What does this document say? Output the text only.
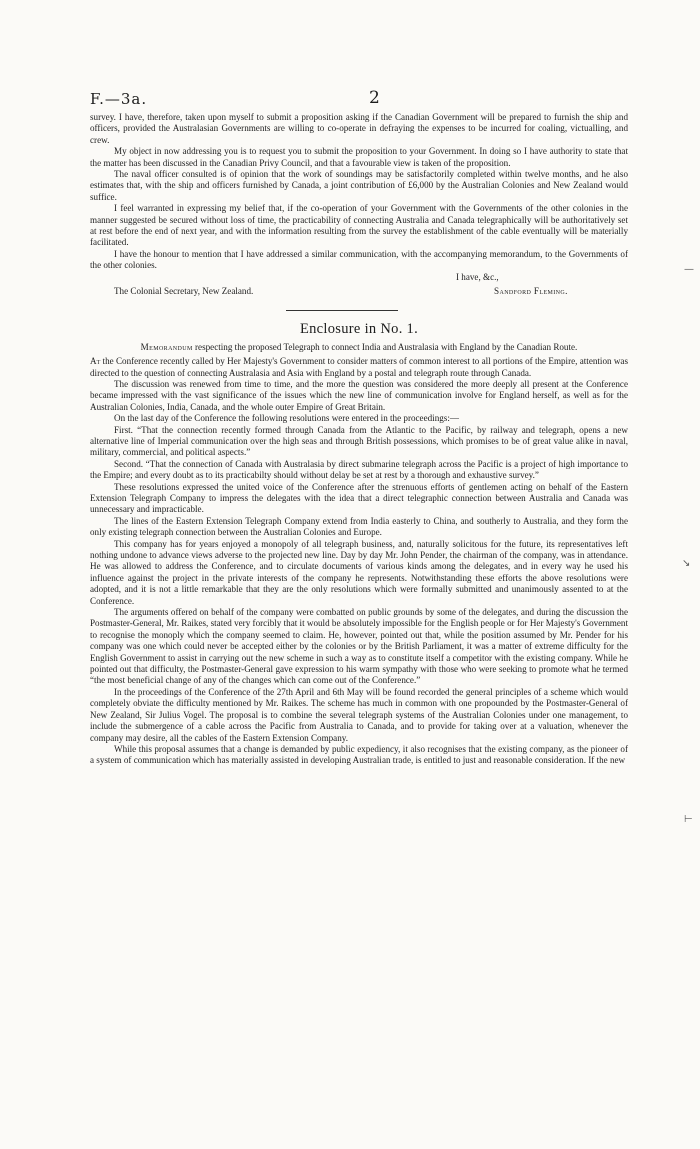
—
↘
⊢
F.—3a.	2

survey. I have, therefore, taken upon myself to submit a proposition asking if the Canadian Government will be prepared to furnish the ship and officers, provided the Australasian Governments are willing to co-operate in defraying the expenses to be incurred for coaling, victualling, and crew.

My object in now addressing you is to request you to submit the proposition to your Government. In doing so I have authority to state that the matter has been discussed in the Canadian Privy Council, and that a favourable view is taken of the proposition.

The naval officer consulted is of opinion that the work of soundings may be satisfactorily completed within twelve months, and he also estimates that, with the ship and officers furnished by Canada, a joint contribution of £6,000 by the Australian Colonies and New Zealand would suffice.

I feel warranted in expressing my belief that, if the co-operation of your Government with the Governments of the other colonies in the manner suggested be secured without loss of time, the practicability of connecting Australia and Canada telegraphically will be authoritatively set at rest before the end of next year, and with the information resulting from the survey the establishment of the cable eventually will be materially facilitated.

I have the honour to mention that I have addressed a similar communication, with the accompanying memorandum, to the Governments of the other colonies.

I have, &c.,
The Colonial Secretary, New Zealand.	Sandford Fleming.
Enclosure in No. 1.
Memorandum respecting the proposed Telegraph to connect India and Australasia with England by the Canadian Route.

At the Conference recently called by Her Majesty's Government to consider matters of common interest to all portions of the Empire, attention was directed to the question of connecting Australasia and Asia with England by a postal and telegraph route through Canada.

The discussion was renewed from time to time, and the more the question was considered the more deeply all present at the Conference became impressed with the vast significance of the issues which the new line of communication involve for England herself, as well as for the Australian Colonies, India, Canada, and the whole outer Empire of Great Britain.

On the last day of the Conference the following resolutions were entered in the proceedings:—

First. “That the connection recently formed through Canada from the Atlantic to the Pacific, by railway and telegraph, opens a new alternative line of Imperial communication over the high seas and through British possessions, which promises to be of great value alike in naval, military, commercial, and political aspects.”

Second. “That the connection of Canada with Australasia by direct submarine telegraph across the Pacific is a project of high importance to the Empire; and every doubt as to its practicabilty should without delay be set at rest by a thorough and exhaustive survey.”

These resolutions expressed the united voice of the Conference after the strenuous efforts of gentlemen acting on behalf of the Eastern Extension Telegraph Company to impress the delegates with the idea that a direct telegraphic connection between Australia and Canada was unnecessary and impracticable.

The lines of the Eastern Extension Telegraph Company extend from India easterly to China, and southerly to Australia, and they form the only existing telegraph connection between the Australian Colonies and Europe.

This company has for years enjoyed a monopoly of all telegraph business, and, naturally solicitous for the future, its representatives left nothing undone to advance views adverse to the projected new line. Day by day Mr. John Pender, the chairman of the company, was in attendance. He was allowed to address the Conference, and to circulate documents of various kinds among the delegates, and in every way he used his influence against the project in the private interests of the company he represents. Notwithstanding these efforts the above resolutions were adopted, and it is not a little remarkable that they are the only resolutions which were formally submitted and unanimously assented to at the Conference.

The arguments offered on behalf of the company were combatted on public grounds by some of the delegates, and during the discussion the Postmaster-General, Mr. Raikes, stated very forcibly that it would be absolutely impossible for the English people or for Her Majesty's Government to recognise the monoply which the company seemed to claim. He, however, pointed out that, while the position assumed by Mr. Pender for his company was one which could never be accepted either by the colonies or by the British Parliament, it was a matter of extreme difficulty for the English Government to assist in carrying out the new scheme in such a way as to constitute itself a competitor with the existing company. While he pointed out that difficulty, the Postmaster-General gave expression to his warm sympathy with those who were seeking to promote what he termed “the most beneficial change of any of the changes which can come out of the Conference.”

In the proceedings of the Conference of the 27th April and 6th May will be found recorded the general principles of a scheme which would completely obviate the difficulty mentioned by Mr. Raikes. The scheme has much in common with one propounded by the Postmaster-General of New Zealand, Sir Julius Vogel. The proposal is to combine the several telegraph systems of the Australian Colonies under one management, to include the submergence of a cable across the Pacific from Australia to Canada, and to provide for taking over at a valuation, whenever the company may desire, all the cables of the Eastern Extension Company.

While this proposal assumes that a change is demanded by public expediency, it also recognises that the existing company, as the pioneer of a system of communication which has materially assisted in developing Australian trade, is entitled to just and reasonable consideration. If the new
